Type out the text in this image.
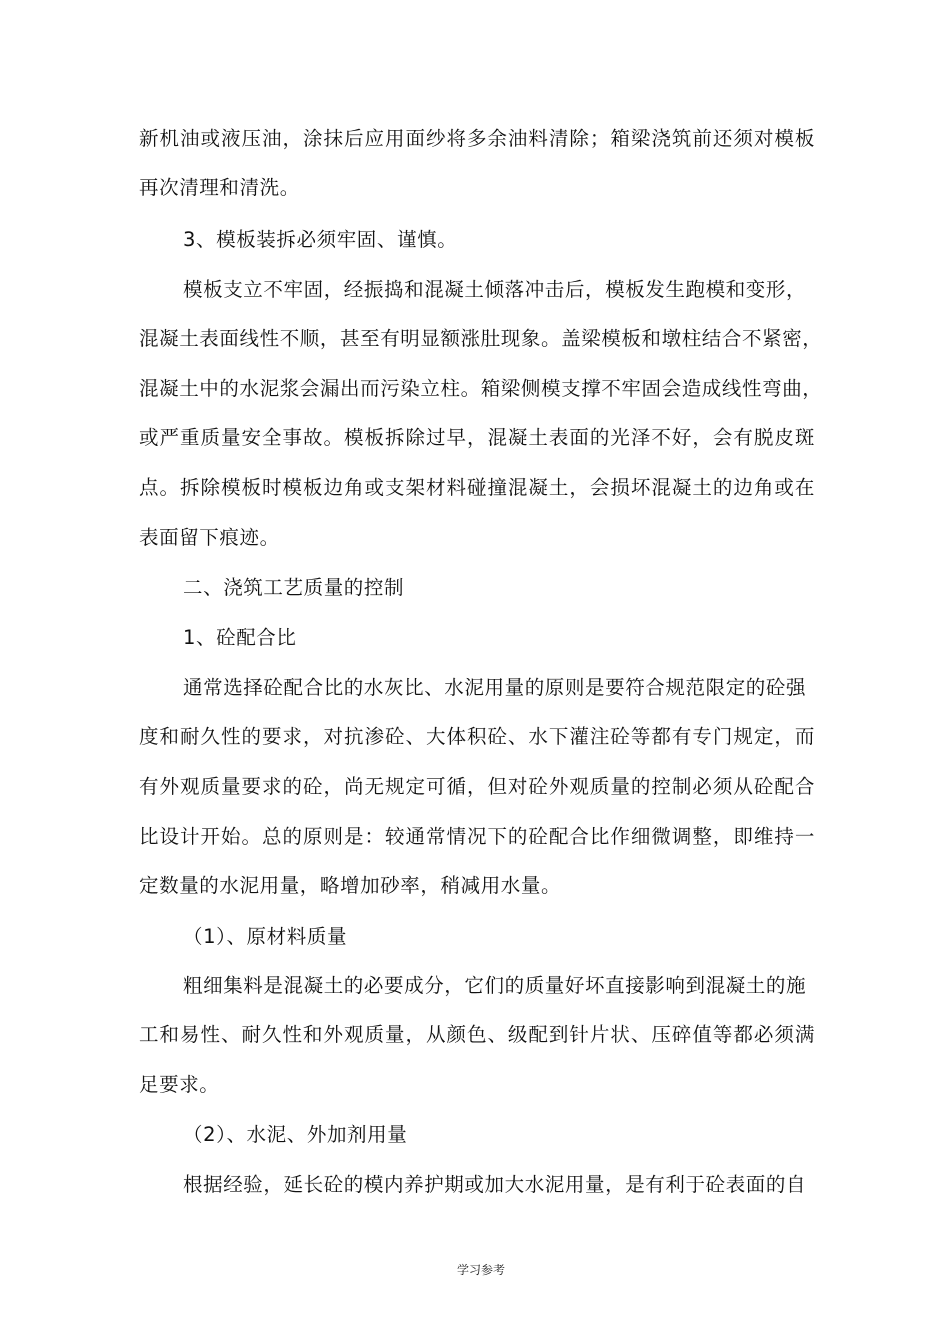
新机油或液压油，涂抹后应用面纱将多余油料清除；箱梁浇筑前还须对模板
再次清理和清洗。
3、模板装拆必须牢固、谨慎。
模板支立不牢固，经振捣和混凝土倾落冲击后，模板发生跑模和变形，
混凝土表面线性不顺，甚至有明显额涨肚现象。盖梁模板和墩柱结合不紧密，
混凝土中的水泥浆会漏出而污染立柱。箱梁侧模支撑不牢固会造成线性弯曲，
或严重质量安全事故。模板拆除过早，混凝土表面的光泽不好，会有脱皮斑
点。拆除模板时模板边角或支架材料碰撞混凝土，会损坏混凝土的边角或在
表面留下痕迹。
二、浇筑工艺质量的控制
1、砼配合比
通常选择砼配合比的水灰比、水泥用量的原则是要符合规范限定的砼强
度和耐久性的要求，对抗渗砼、大体积砼、水下灌注砼等都有专门规定，而
有外观质量要求的砼，尚无规定可循，但对砼外观质量的控制必须从砼配合
比设计开始。总的原则是：较通常情况下的砼配合比作细微调整，即维持一
定数量的水泥用量，略增加砂率，稍减用水量。
（1）、原材料质量
粗细集料是混凝土的必要成分，它们的质量好坏直接影响到混凝土的施
工和易性、耐久性和外观质量，从颜色、级配到针片状、压碎值等都必须满
足要求。
（2）、水泥、外加剂用量
根据经验，延长砼的模内养护期或加大水泥用量，是有利于砼表面的自
学习参考
